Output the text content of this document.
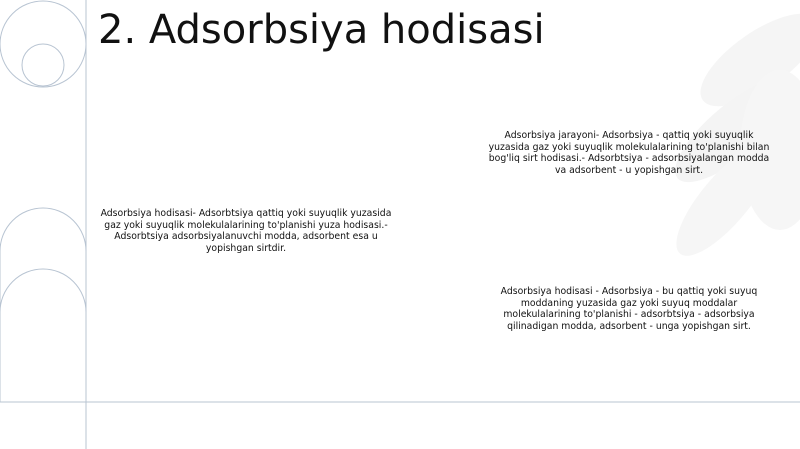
2. Adsorbsiya hodisasi
Adsorbsiya hodisasi- Adsorbtsiya qattiq yoki suyuqlik yuzasida gaz yoki suyuqlik molekulalarining to'planishi yuza hodisasi.- Adsorbtsiya adsorbsiyalanuvchi modda, adsorbent esa u yopishgan sirtdir.
Adsorbsiya jarayoni- Adsorbsiya - qattiq yoki suyuqlik yuzasida gaz yoki suyuqlik molekulalarining to'planishi bilan bog'liq sirt hodisasi.- Adsorbtsiya - adsorbsiyalangan modda va adsorbent - u yopishgan sirt.
Adsorbsiya hodisasi - Adsorbsiya - bu qattiq yoki suyuq moddaning yuzasida gaz yoki suyuq moddalar molekulalarining to'planishi - adsorbtsiya - adsorbsiya qilinadigan modda, adsorbent - unga yopishgan sirt.
